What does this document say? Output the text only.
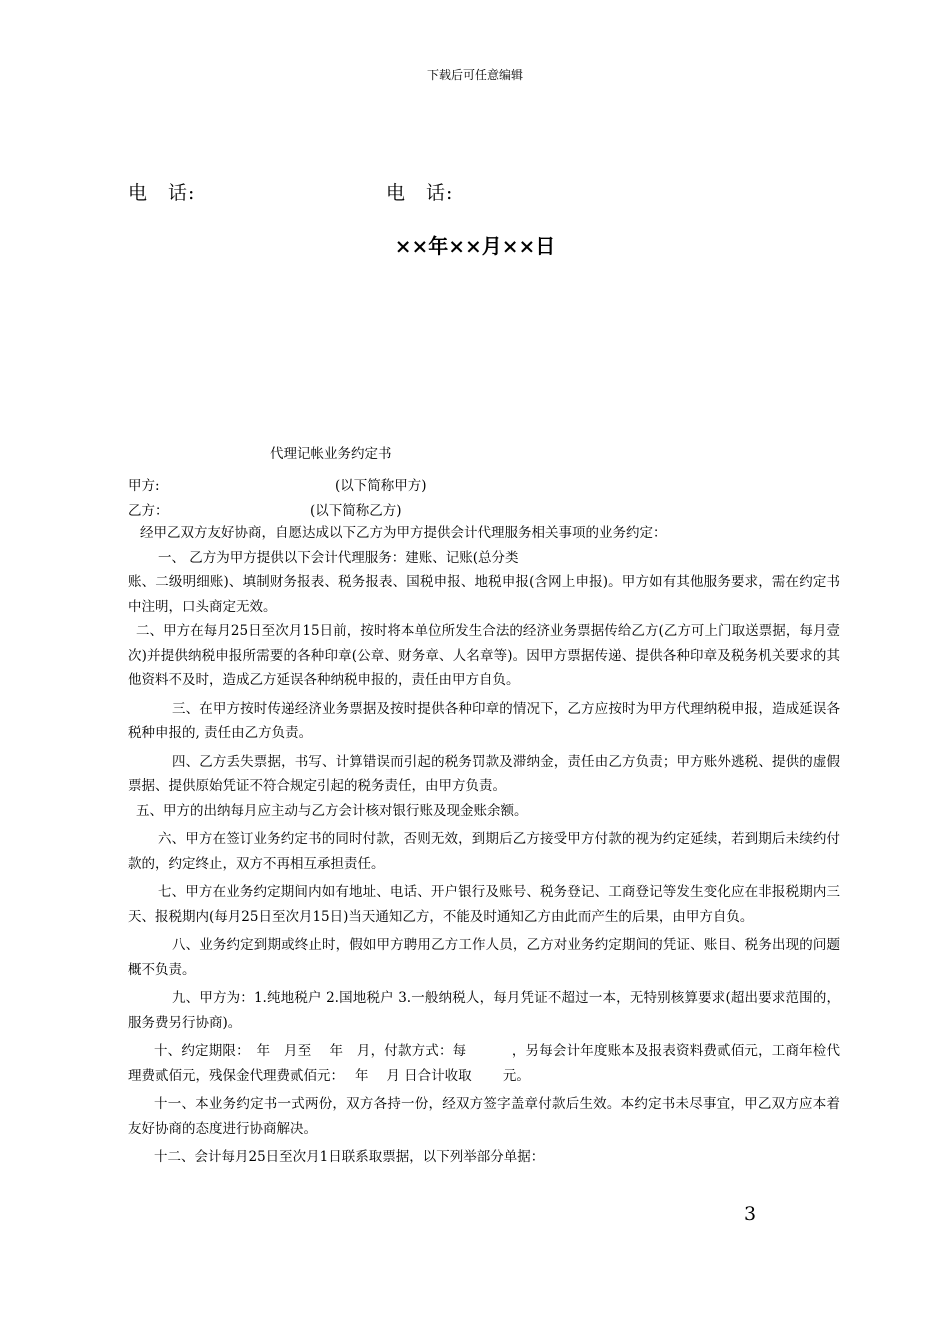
下载后可任意编辑
电　话:	电　话:
××年××月××日
代理记帐业务约定书
甲方:	(以下简称甲方)
乙方：	(以下简称乙方)

经甲乙双方友好协商，自愿达成以下乙方为甲方提供会计代理服务相关事项的业务约定：

一、 乙方为甲方提供以下会计代理服务：建账、记账(总分类

账、二级明细账)、填制财务报表、税务报表、国税申报、地税申报(含网上申报)。甲方如有其他服务要求，需在约定书中注明，口头商定无效。

二、甲方在每月25日至次月15日前，按时将本单位所发生合法的经济业务票据传给乙方(乙方可上门取送票据，每月壹次)并提供纳税申报所需要的各种印章(公章、财务章、人名章等)。因甲方票据传递、提供各种印章及税务机关要求的其他资料不及时，造成乙方延误各种纳税申报的，责任由甲方自负。

三、在甲方按时传递经济业务票据及按时提供各种印章的情况下，乙方应按时为甲方代理纳税申报，造成延误各税种申报的, 责任由乙方负责。

四、乙方丢失票据，书写、计算错误而引起的税务罚款及滞纳金，责任由乙方负责；甲方账外逃税、提供的虚假票据、提供原始凭证不符合规定引起的税务责任，由甲方负责。

五、甲方的出纳每月应主动与乙方会计核对银行账及现金账余额。

六、甲方在签订业务约定书的同时付款，否则无效，到期后乙方接受甲方付款的视为约定延续，若到期后未续约付款的，约定终止，双方不再相互承担责任。

七、甲方在业务约定期间内如有地址、电话、开户银行及账号、税务登记、工商登记等发生变化应在非报税期内三天、报税期内(每月25日至次月15日)当天通知乙方，不能及时通知乙方由此而产生的后果，由甲方自负。

八、业务约定到期或终止时，假如甲方聘用乙方工作人员，乙方对业务约定期间的凭证、账目、税务出现的问题概不负责。

九、甲方为：1.纯地税户 2.国地税户 3.一般纳税人，每月凭证不超过一本，无特别核算要求(超出要求范围的，服务费另行协商)。

十、约定期限：　年　月至　 年　月，付款方式：每　　　 ，另每会计年度账本及报表资料费贰佰元，工商年检代理费贰佰元，残保金代理费贰佰元：　 年　 月 日合计收取　　 元。

十一、本业务约定书一式两份，双方各持一份，经双方签字盖章付款后生效。本约定书未尽事宜，甲乙双方应本着友好协商的态度进行协商解决。

十二、会计每月25日至次月1日联系取票据，以下列举部分单据：

3
